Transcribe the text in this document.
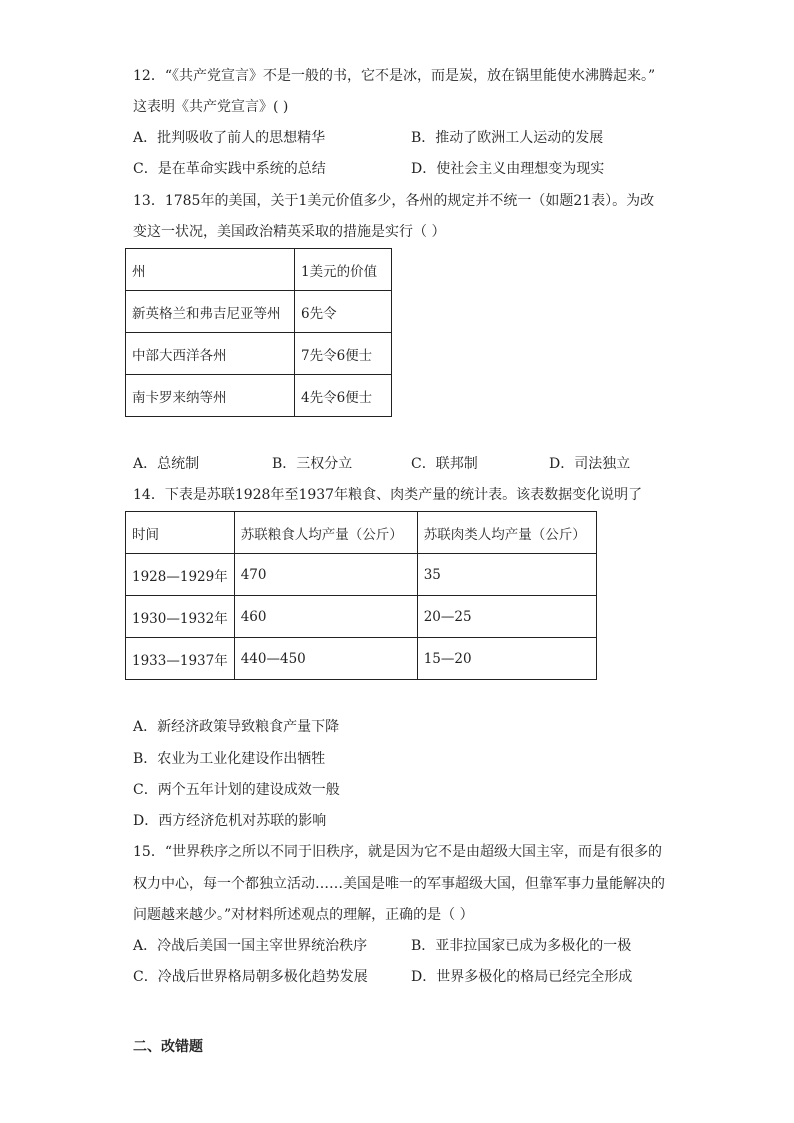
12．“《共产党宣言》不是一般的书，它不是冰，而是炭，放在锅里能使水沸腾起来。”
这表明《共产党宣言》( )
A．批判吸收了前人的思想精华	B．推动了欧洲工人运动的发展
C．是在革命实践中系统的总结	D．使社会主义由理想变为现实
13．1785年的美国，关于1美元价值多少，各州的规定并不统一（如题21表）。为改
变这一状况，美国政治精英采取的措施是实行（ ）
州	1美元的价值
新英格兰和弗吉尼亚等州	6先令
中部大西洋各州	7先令6便士
南卡罗来纳等州	4先令6便士
A．总统制	B．三权分立	C．联邦制	D．司法独立
14．下表是苏联1928年至1937年粮食、肉类产量的统计表。该表数据变化说明了
时间	苏联粮食人均产量（公斤）	苏联肉类人均产量（公斤）
1928—1929年	470	35
1930—1932年	460	20—25
1933—1937年	440—450	15—20
A．新经济政策导致粮食产量下降
B．农业为工业化建设作出牺牲
C．两个五年计划的建设成效一般
D．西方经济危机对苏联的影响
15．“世界秩序之所以不同于旧秩序，就是因为它不是由超级大国主宰，而是有很多的
权力中心，每一个都独立活动……美国是唯一的军事超级大国，但靠军事力量能解决的
问题越来越少。”对材料所述观点的理解，正确的是（ ）
A．冷战后美国一国主宰世界统治秩序	B．亚非拉国家已成为多极化的一极
C．冷战后世界格局朝多极化趋势发展	D．世界多极化的格局已经完全形成
二、改错题
